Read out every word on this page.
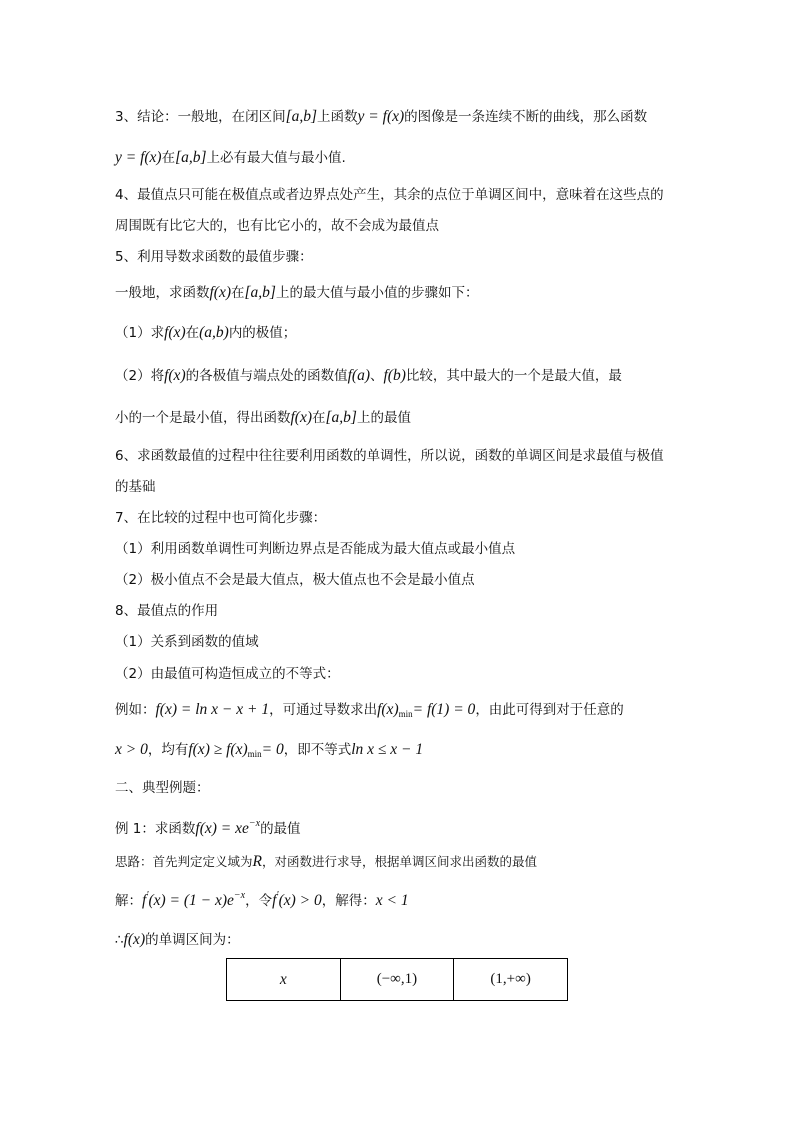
3、结论：一般地，在闭区间[a,b]上函数y = f(x)的图像是一条连续不断的曲线，那么函数
y = f(x)在[a,b]上必有最大值与最小值.
4、最值点只可能在极值点或者边界点处产生，其余的点位于单调区间中，意味着在这些点的
周围既有比它大的，也有比它小的，故不会成为最值点
5、利用导数求函数的最值步骤：
一般地，求函数f(x)在[a,b]上的最大值与最小值的步骤如下：
（1）求f(x)在(a,b)内的极值；
（2）将f(x)的各极值与端点处的函数值f(a)、f(b)比较，其中最大的一个是最大值，最
小的一个是最小值，得出函数f(x)在[a,b]上的最值
6、求函数最值的过程中往往要利用函数的单调性，所以说，函数的单调区间是求最值与极值
的基础
7、在比较的过程中也可简化步骤：
（1）利用函数单调性可判断边界点是否能成为最大值点或最小值点
（2）极小值点不会是最大值点，极大值点也不会是最小值点
8、最值点的作用
（1）关系到函数的值域
（2）由最值可构造恒成立的不等式：
例如：f(x) = ln x − x + 1，可通过导数求出$f(x)_{min}= f(1) = 0$，由此可得到对于任意的
x > 0，均有$f(x) \ge f(x)_{min}= 0$，即不等式ln x ≤ x − 1
二、典型例题：
例 1：求函数$f(x) = xe^{-x}$的最值
思路：首先判定定义域为R，对函数进行求导，根据单调区间求出函数的最值
解：$f'(x) = (1 - x)e^{-x}$，令f'(x) > 0，解得：x < 1
∴f(x)的单调区间为：
x	(−∞,1)	(1,+∞)
